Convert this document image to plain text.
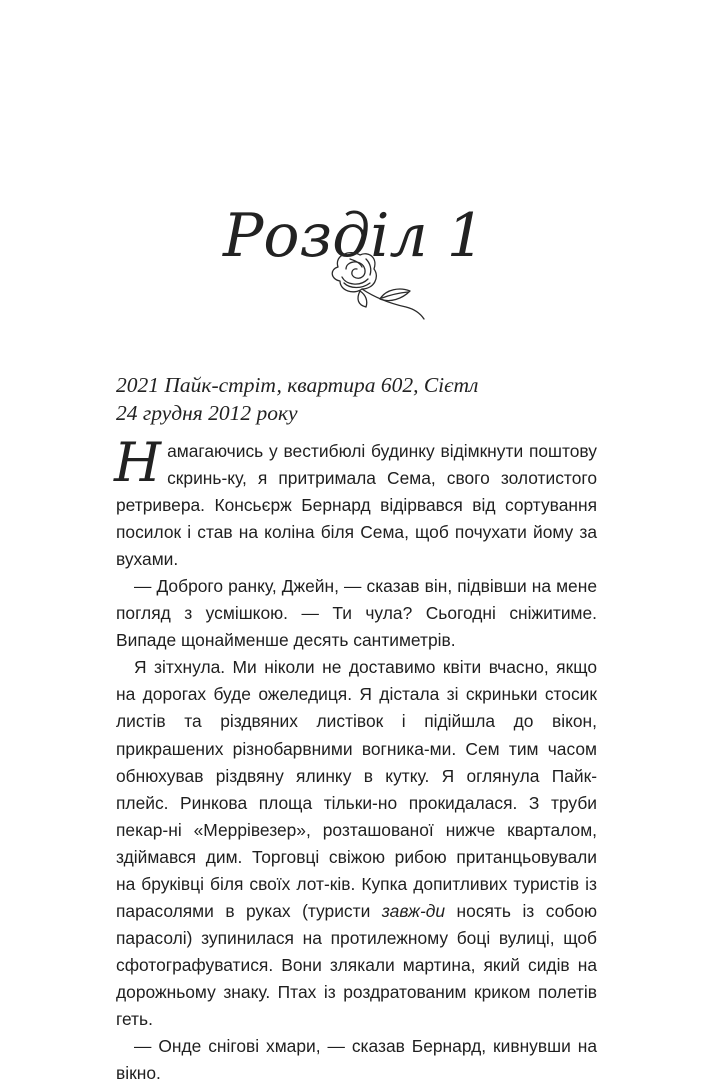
Розділ 1
2021 Пайк-стріт, квартира 602, Сієтл
24 грудня 2012 року

Намагаючись у вестибюлі будинку відімкнути поштову скринь-ку, я притримала Сема, свого золотистого ретривера. Консьєрж Бернард відірвався від сортування посилок і став на коліна біля Сема, щоб почухати йому за вухами.

— Доброго ранку, Джейн, — сказав він, підвівши на мене погляд з усмішкою. — Ти чула? Сьогодні сніжитиме. Випаде щонайменше десять сантиметрів.

Я зітхнула. Ми ніколи не доставимо квіти вчасно, якщо на дорогах буде ожеледиця. Я дістала зі скриньки стосик листів та різдвяних листівок і підійшла до вікон, прикрашених різнобарвними вогника-ми. Сем тим часом обнюхував різдвяну ялинку в кутку. Я оглянула Пайк-плейс. Ринкова площа тільки-но прокидалася. З труби пекар-ні «Меррівезер», розташованої нижче кварталом, здіймався дим. Торговці свіжою рибою пританцьовували на бруківці біля своїх лот-ків. Купка допитливих туристів із парасолями в руках (туристи завж-ди носять із собою парасолі) зупинилася на протилежному боці вулиці, щоб сфотографуватися. Вони злякали мартина, який сидів на дорожньому знаку. Птах із роздратованим криком полетів геть.

— Онде снігові хмари, — сказав Бернард, кивнувши на вікно.
